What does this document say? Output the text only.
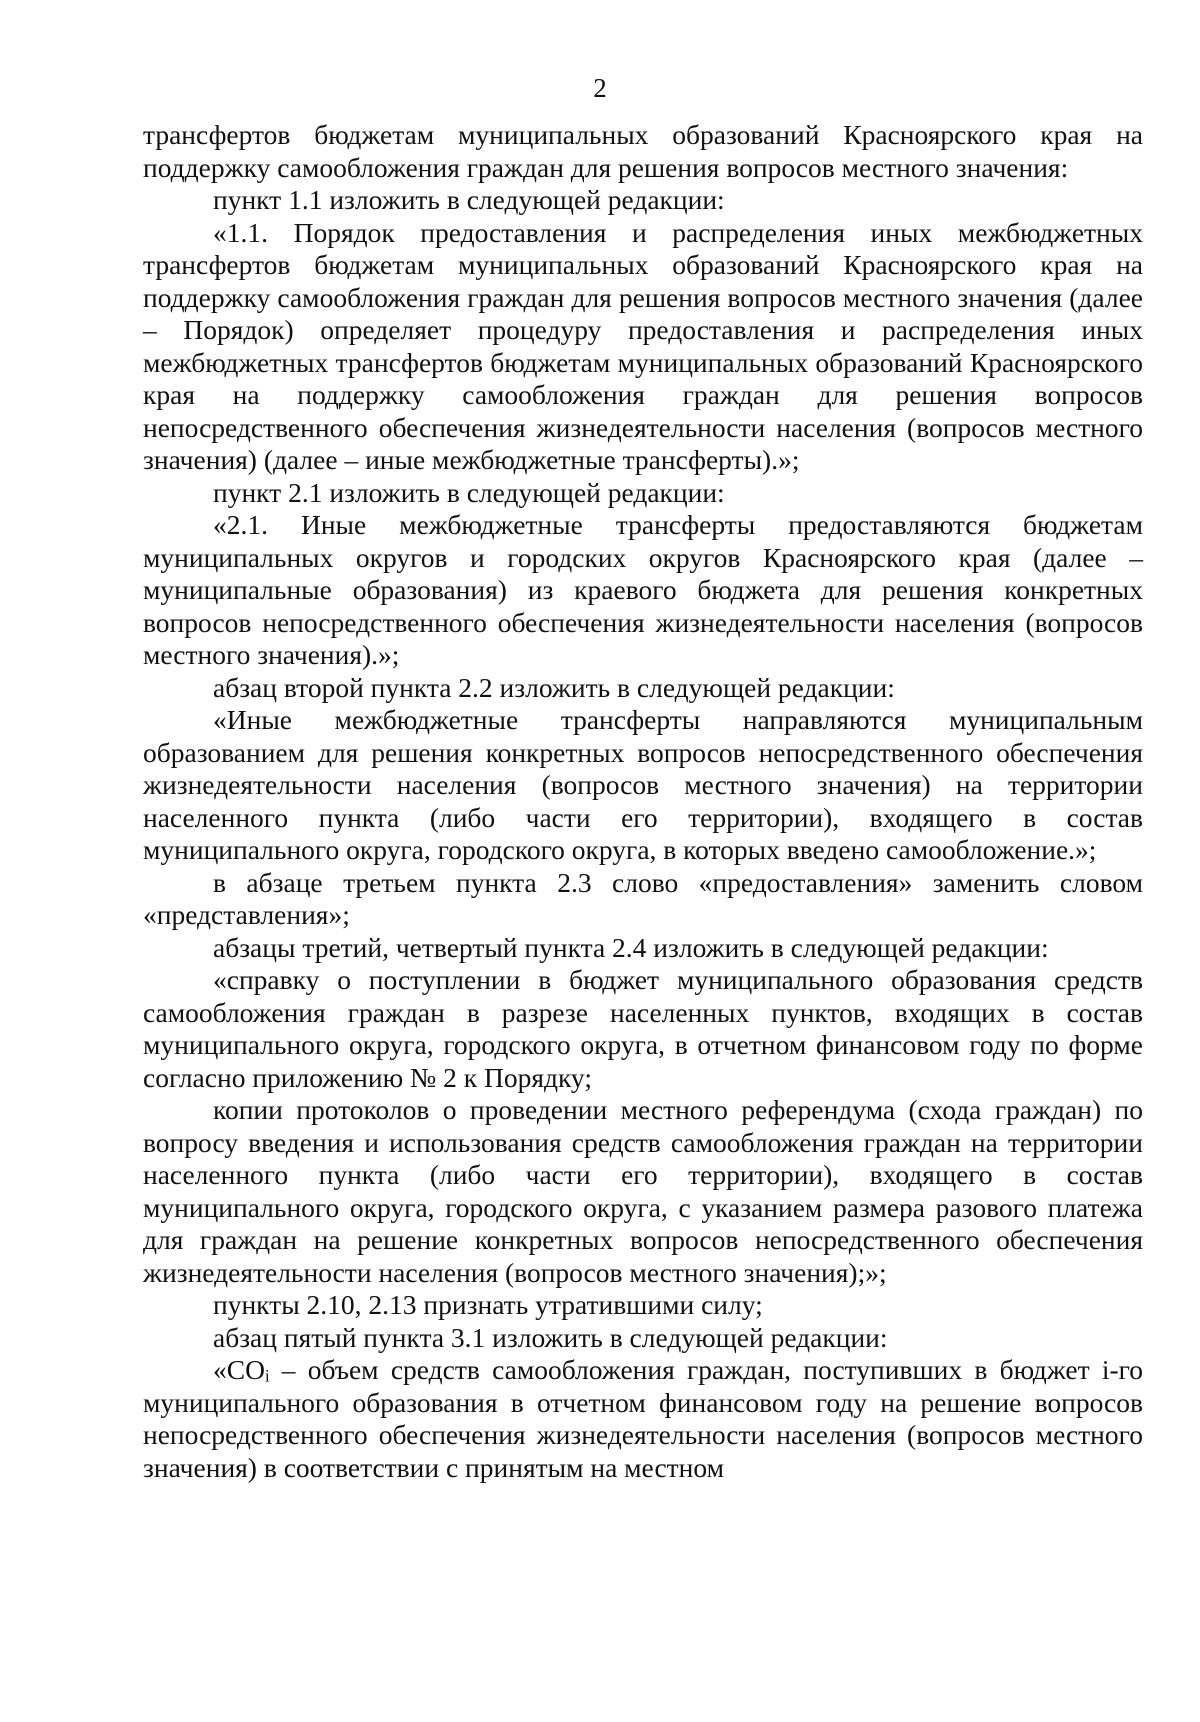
2

трансфертов бюджетам муниципальных образований Красноярского края на поддержку самообложения граждан для решения вопросов местного значения:

пункт 1.1 изложить в следующей редакции:

«1.1. Порядок предоставления и распределения иных межбюджетных трансфертов бюджетам муниципальных образований Красноярского края на поддержку самообложения граждан для решения вопросов местного значения (далее – Порядок) определяет процедуру предоставления и распределения иных межбюджетных трансфертов бюджетам муниципальных образований Красноярского края на поддержку самообложения граждан для решения вопросов непосредственного обеспечения жизнедеятельности населения (вопросов местного значения) (далее – иные межбюджетные трансферты).»;

пункт 2.1 изложить в следующей редакции:

«2.1. Иные межбюджетные трансферты предоставляются бюджетам муниципальных округов и городских округов Красноярского края (далее – муниципальные образования) из краевого бюджета для решения конкретных вопросов непосредственного обеспечения жизнедеятельности населения (вопросов местного значения).»;

абзац второй пункта 2.2 изложить в следующей редакции:

«Иные межбюджетные трансферты направляются муниципальным образованием для решения конкретных вопросов непосредственного обеспечения жизнедеятельности населения (вопросов местного значения) на территории населенного пункта (либо части его территории), входящего в состав муниципального округа, городского округа, в которых введено самообложение.»;

в абзаце третьем пункта 2.3 слово «предоставления» заменить словом «представления»;

абзацы третий, четвертый пункта 2.4 изложить в следующей редакции:

«справку о поступлении в бюджет муниципального образования средств самообложения граждан в разрезе населенных пунктов, входящих в состав муниципального округа, городского округа, в отчетном финансовом году по форме согласно приложению № 2 к Порядку;

копии протоколов о проведении местного референдума (схода граждан) по вопросу введения и использования средств самообложения граждан на территории населенного пункта (либо части его территории), входящего в состав муниципального округа, городского округа, с указанием размера разового платежа для граждан на решение конкретных вопросов непосредственного обеспечения жизнедеятельности населения (вопросов местного значения);»;

пункты 2.10, 2.13 признать утратившими силу;

абзац пятый пункта 3.1 изложить в следующей редакции:

«COᵢ – объем средств самообложения граждан, поступивших в бюджет i-го муниципального образования в отчетном финансовом году на решение вопросов непосредственного обеспечения жизнедеятельности населения (вопросов местного значения) в соответствии с принятым на местном
